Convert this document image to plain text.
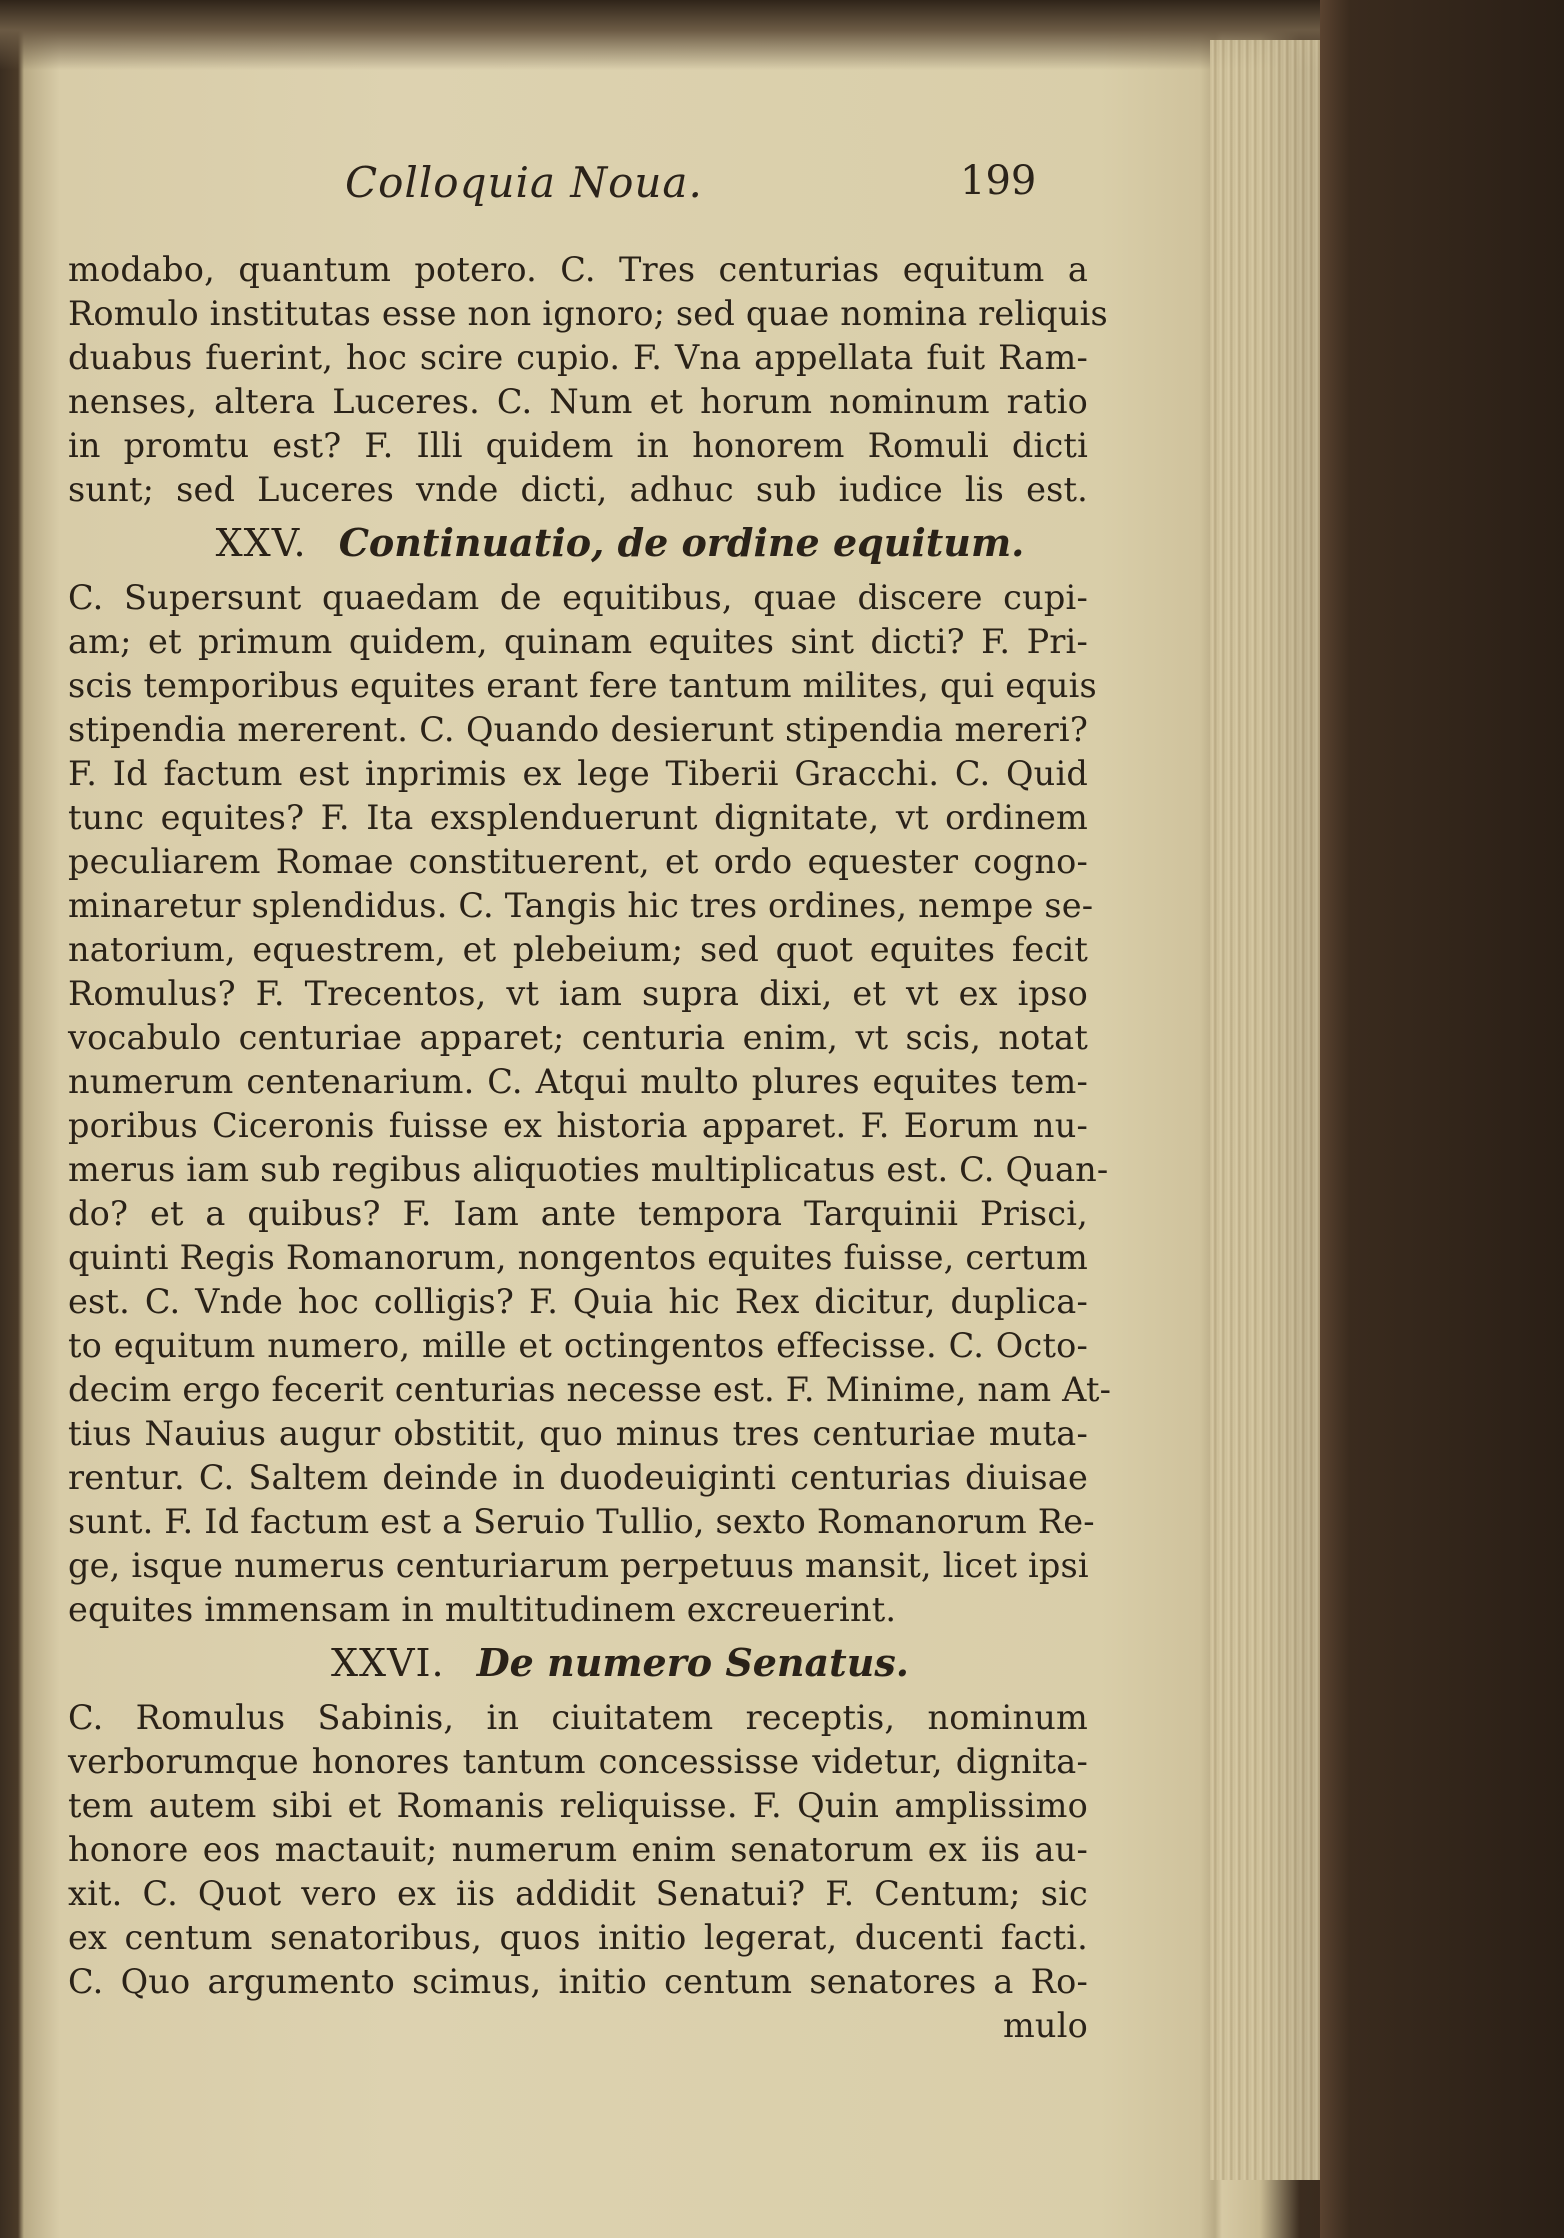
Colloquia Noua.	199
modabo, quantum potero. C. Tres centurias equitum a
Romulo institutas esse non ignoro; sed quae nomina reliquis
duabus fuerint, hoc scire cupio. F. Vna appellata fuit Ram-
nenses, altera Luceres. C. Num et horum nominum ratio
in promtu est? F. Illi quidem in honorem Romuli dicti
sunt; sed Luceres vnde dicti, adhuc sub iudice lis est.
XXV. Continuatio, de ordine equitum.
C. Supersunt quaedam de equitibus, quae discere cupi-
am; et primum quidem, quinam equites sint dicti? F. Pri-
scis temporibus equites erant fere tantum milites, qui equis
stipendia mererent. C. Quando desierunt stipendia mereri?
F. Id factum est inprimis ex lege Tiberii Gracchi. C. Quid
tunc equites? F. Ita exsplenduerunt dignitate, vt ordinem
peculiarem Romae constituerent, et ordo equester cogno-
minaretur splendidus. C. Tangis hic tres ordines, nempe se-
natorium, equestrem, et plebeium; sed quot equites fecit
Romulus? F. Trecentos, vt iam supra dixi, et vt ex ipso
vocabulo centuriae apparet; centuria enim, vt scis, notat
numerum centenarium. C. Atqui multo plures equites tem-
poribus Ciceronis fuisse ex historia apparet. F. Eorum nu-
merus iam sub regibus aliquoties multiplicatus est. C. Quan-
do? et a quibus? F. Iam ante tempora Tarquinii Prisci,
quinti Regis Romanorum, nongentos equites fuisse, certum
est. C. Vnde hoc colligis? F. Quia hic Rex dicitur, duplica-
to equitum numero, mille et octingentos effecisse. C. Octo-
decim ergo fecerit centurias necesse est. F. Minime, nam At-
tius Nauius augur obstitit, quo minus tres centuriae muta-
rentur. C. Saltem deinde in duodeuiginti centurias diuisae
sunt. F. Id factum est a Seruio Tullio, sexto Romanorum Re-
ge, isque numerus centuriarum perpetuus mansit, licet ipsi
equites immensam in multitudinem excreuerint.
XXVI. De numero Senatus.
C. Romulus Sabinis, in ciuitatem receptis, nominum
verborumque honores tantum concessisse videtur, dignita-
tem autem sibi et Romanis reliquisse. F. Quin amplissimo
honore eos mactauit; numerum enim senatorum ex iis au-
xit. C. Quot vero ex iis addidit Senatui? F. Centum; sic
ex centum senatoribus, quos initio legerat, ducenti facti.
C. Quo argumento scimus, initio centum senatores a Ro-
mulo
